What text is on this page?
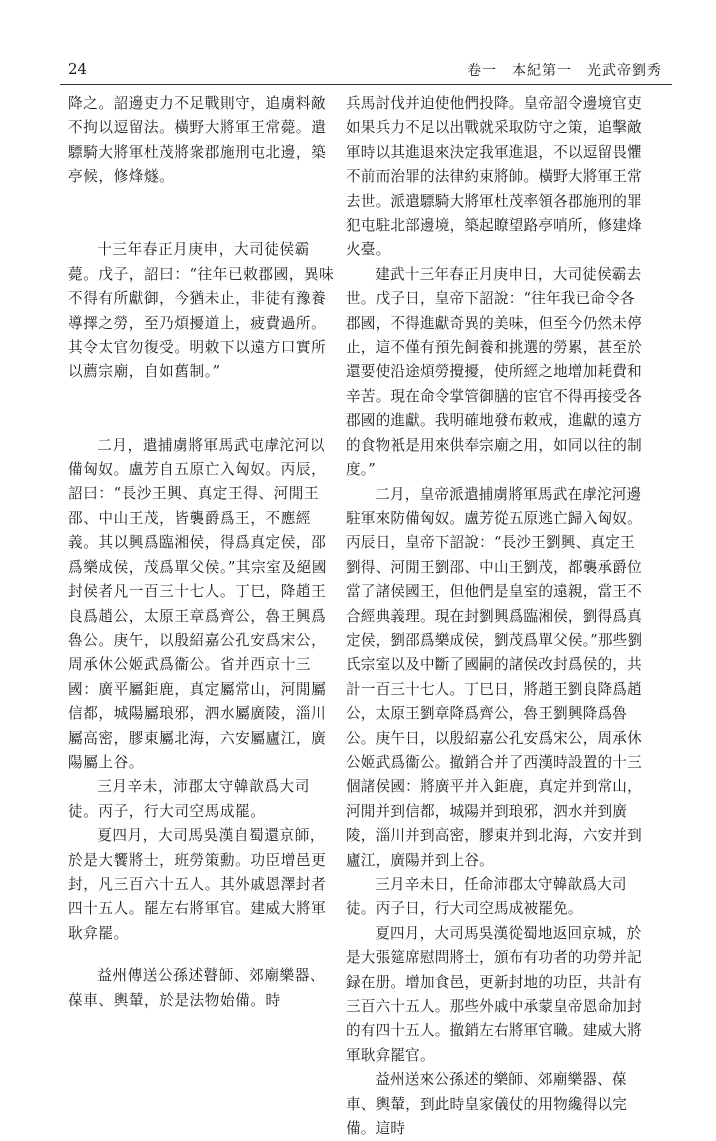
24	卷一　本紀第一　光武帝劉秀

降之。詔邊吏力不足戰則守，追虜料敵不拘以逗留法。橫野大將軍王常薨。遣驃騎大將軍杜茂將衆郡施刑屯北邊，築亭候，修烽燧。

十三年春正月庚申，大司徒侯霸薨。戊子，詔曰：“往年已敕郡國，異味不得有所獻御，今猶未止，非徒有豫養導擇之勞，至乃煩擾道上，疲費過所。其令太官勿復受。明敕下以遠方口實所以薦宗廟，自如舊制。”

二月，遣捕虜將軍馬武屯虖沱河以備匈奴。盧芳自五原亡入匈奴。丙辰，詔曰：“長沙王興、真定王得、河閒王邵、中山王茂，皆襲爵爲王，不應經義。其以興爲臨湘侯，得爲真定侯，邵爲樂成侯，茂爲單父侯。”其宗室及絕國封侯者凡一百三十七人。丁巳，降趙王良爲趙公，太原王章爲齊公，魯王興爲魯公。庚午，以殷紹嘉公孔安爲宋公，周承休公姬武爲衞公。省并西京十三國：廣平屬鉅鹿，真定屬常山，河閒屬信都，城陽屬琅邪，泗水屬廣陵，淄川屬高密，膠東屬北海，六安屬廬江，廣陽屬上谷。

三月辛未，沛郡太守韓歆爲大司徒。丙子，行大司空馬成罷。

夏四月，大司馬吳漢自蜀還京師，於是大饗將士，班勞策勳。功臣增邑更封，凡三百六十五人。其外戚恩澤封者四十五人。罷左右將軍官。建威大將軍耿弇罷。

益州傳送公孫述瞽師、郊廟樂器、葆車、輿輦，於是法物始備。時

兵馬討伐并迫使他們投降。皇帝詔令邊境官吏如果兵力不足以出戰就采取防守之策，追擊敵軍時以其進退來決定我軍進退，不以逗留畏懼不前而治罪的法律約束將帥。橫野大將軍王常去世。派遣驃騎大將軍杜茂率領各郡施刑的罪犯屯駐北部邊境，築起瞭望路亭哨所，修建烽火臺。

建武十三年春正月庚申日，大司徒侯霸去世。戊子日，皇帝下詔說：“往年我已命令各郡國，不得進獻奇異的美味，但至今仍然未停止，這不僅有預先飼養和挑選的勞累，甚至於還要使沿途煩勞攪擾，使所經之地增加耗費和辛苦。現在命令掌管御膳的宦官不得再接受各郡國的進獻。我明確地發布敕戒，進獻的遠方的食物衹是用來供奉宗廟之用，如同以往的制度。”

二月，皇帝派遣捕虜將軍馬武在虖沱河邊駐軍來防備匈奴。盧芳從五原逃亡歸入匈奴。丙辰日，皇帝下詔說：“長沙王劉興、真定王劉得、河閒王劉邵、中山王劉茂，都襲承爵位當了諸侯國王，但他們是皇室的遠親，當王不合經典義理。現在封劉興爲臨湘侯，劉得爲真定侯，劉邵爲樂成侯，劉茂爲單父侯。”那些劉氏宗室以及中斷了國嗣的諸侯改封爲侯的，共計一百三十七人。丁巳日，將趙王劉良降爲趙公，太原王劉章降爲齊公，魯王劉興降爲魯公。庚午日，以殷紹嘉公孔安爲宋公，周承休公姬武爲衞公。撤銷合并了西漢時設置的十三個諸侯國：將廣平并入鉅鹿，真定并到常山，河閒并到信都，城陽并到琅邪，泗水并到廣陵，淄川并到高密，膠東并到北海，六安并到廬江，廣陽并到上谷。

三月辛未日，任命沛郡太守韓歆爲大司徒。丙子日，行大司空馬成被罷免。

夏四月，大司馬吳漢從蜀地返回京城，於是大張筵席慰問將士，頒布有功者的功勞并記録在册。增加食邑，更新封地的功臣，共計有三百六十五人。那些外戚中承蒙皇帝恩命加封的有四十五人。撤銷左右將軍官職。建威大將軍耿弇罷官。

益州送來公孫述的樂師、郊廟樂器、葆車、輿輦，到此時皇家儀仗的用物纔得以完備。這時
